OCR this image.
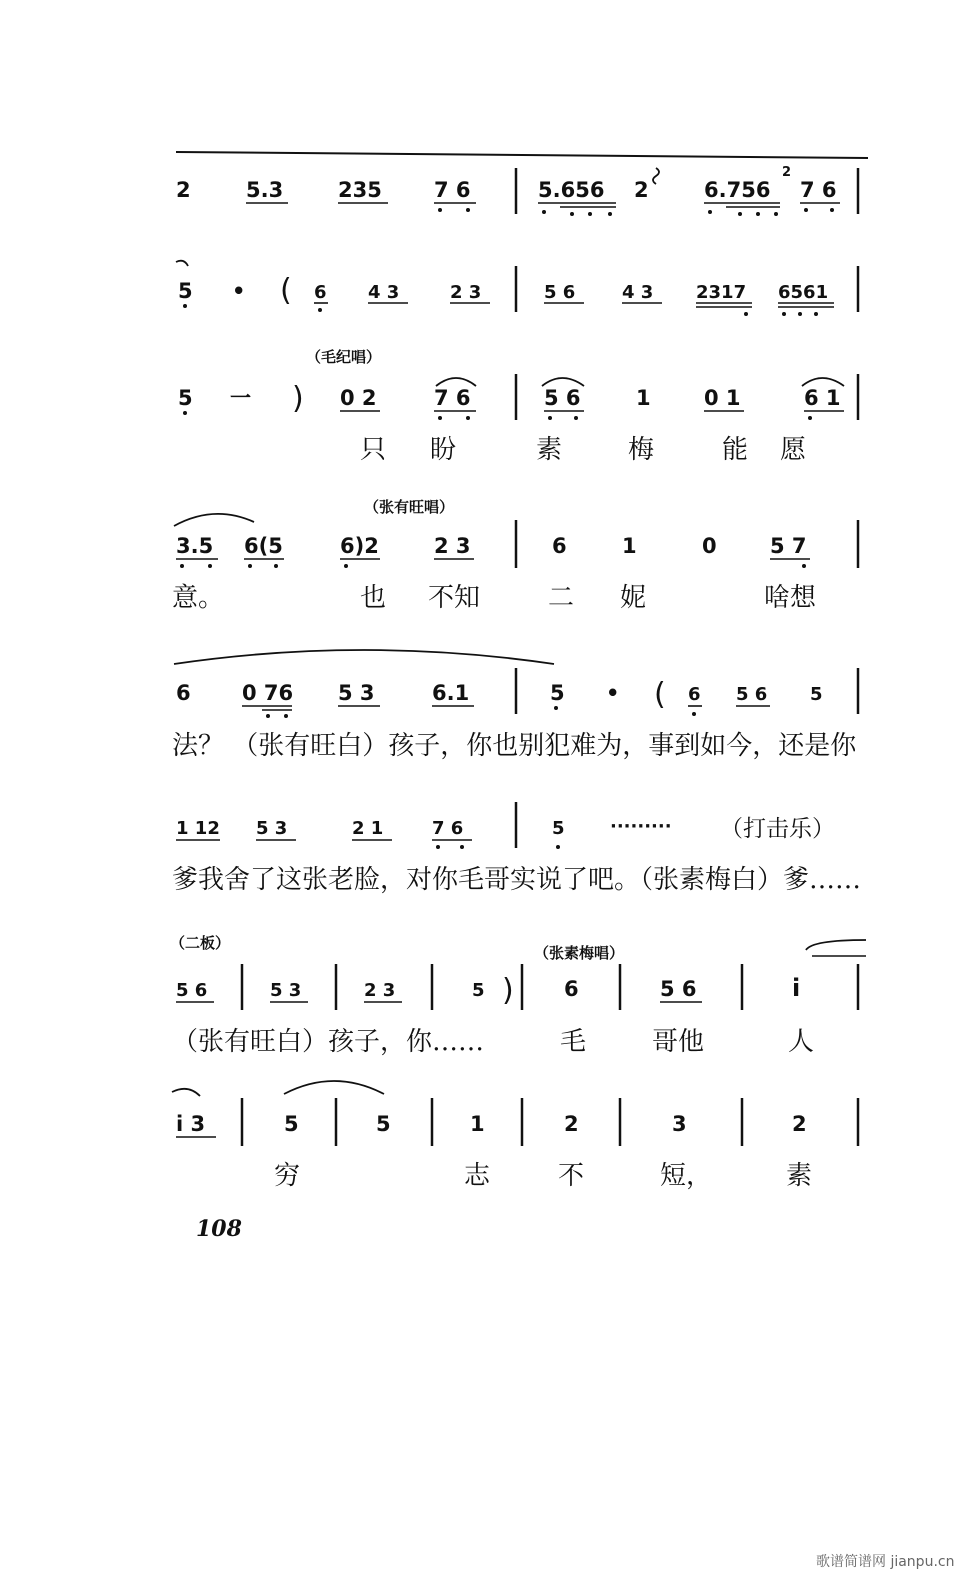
2	5.3	235 7 6	5.656 2	6.756
2
7 6
5 • ( 6 4 3	2 3	5 6	4 3 2317 6561
（毛纪唱）
5 一 ) 0 2	7 6	5 6	1	0 1	6 1
只 盼	素	梅	能 愿
（张有旺唱）
3.5 6(5	6)2	2 3	6	1	0	5 7
意。	也 不知	二 妮	啥想
6 0 76 5 3	6.1	5 • ( 6 5 6 5
法？ （张有旺白）孩子，你也别犯难为，事到如今，还是你
1 12 5 3	2 1	7 6	5	········· （打击乐）
爹我舍了这张老脸，对你毛哥实说了吧。（张素梅白）爹……
（二板）
（张素梅唱）
5 6	5 3	2 3	5 ) 6	5 6	i
（张有旺白）孩子，你……	毛	哥他	人
i 3	5	5	1	2	3	2
穷	志	不	短，	素
108
歌谱简谱网 jianpu.cn
